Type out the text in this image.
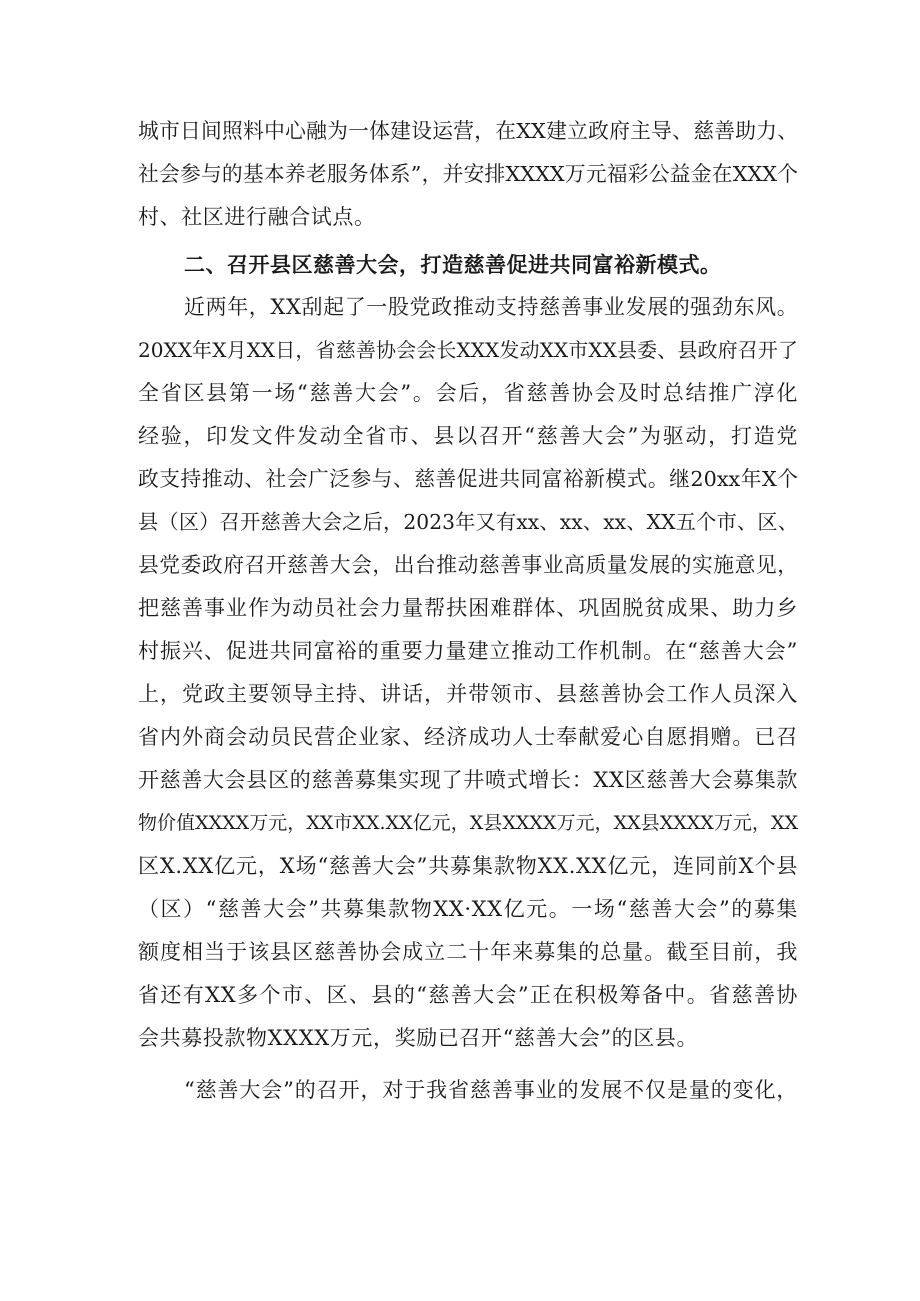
城市日间照料中心融为一体建设运营，在XX建立政府主导、慈善助力、
社会参与的基本养老服务体系”，并安排XXXX万元福彩公益金在XXX个
村、社区进行融合试点。
二、召开县区慈善大会，打造慈善促进共同富裕新模式。
近两年，XX刮起了一股党政推动支持慈善事业发展的强劲东风。
20XX年X月XX日，省慈善协会会长XXX发动XX市XX县委、县政府召开了
全省区县第一场“慈善大会”。会后，省慈善协会及时总结推广淳化
经验，印发文件发动全省市、县以召开“慈善大会”为驱动，打造党
政支持推动、社会广泛参与、慈善促进共同富裕新模式。继20xx年X个
县（区）召开慈善大会之后，2023年又有xx、xx、xx、XX五个市、区、
县党委政府召开慈善大会，出台推动慈善事业高质量发展的实施意见，
把慈善事业作为动员社会力量帮扶困难群体、巩固脱贫成果、助力乡
村振兴、促进共同富裕的重要力量建立推动工作机制。在“慈善大会”
上，党政主要领导主持、讲话，并带领市、县慈善协会工作人员深入
省内外商会动员民营企业家、经济成功人士奉献爱心自愿捐赠。已召
开慈善大会县区的慈善募集实现了井喷式增长：XX区慈善大会募集款
物价值XXXX万元，XX市XX.XX亿元，X县XXXX万元，XX县XXXX万元，XX
区X.XX亿元，X场“慈善大会”共募集款物XX.XX亿元，连同前X个县
（区）“慈善大会”共募集款物XX·XX亿元。一场“慈善大会”的募集
额度相当于该县区慈善协会成立二十年来募集的总量。截至目前，我
省还有XX多个市、区、县的“慈善大会”正在积极筹备中。省慈善协
会共募投款物XXXX万元，奖励已召开“慈善大会”的区县。
“慈善大会”的召开，对于我省慈善事业的发展不仅是量的变化，
